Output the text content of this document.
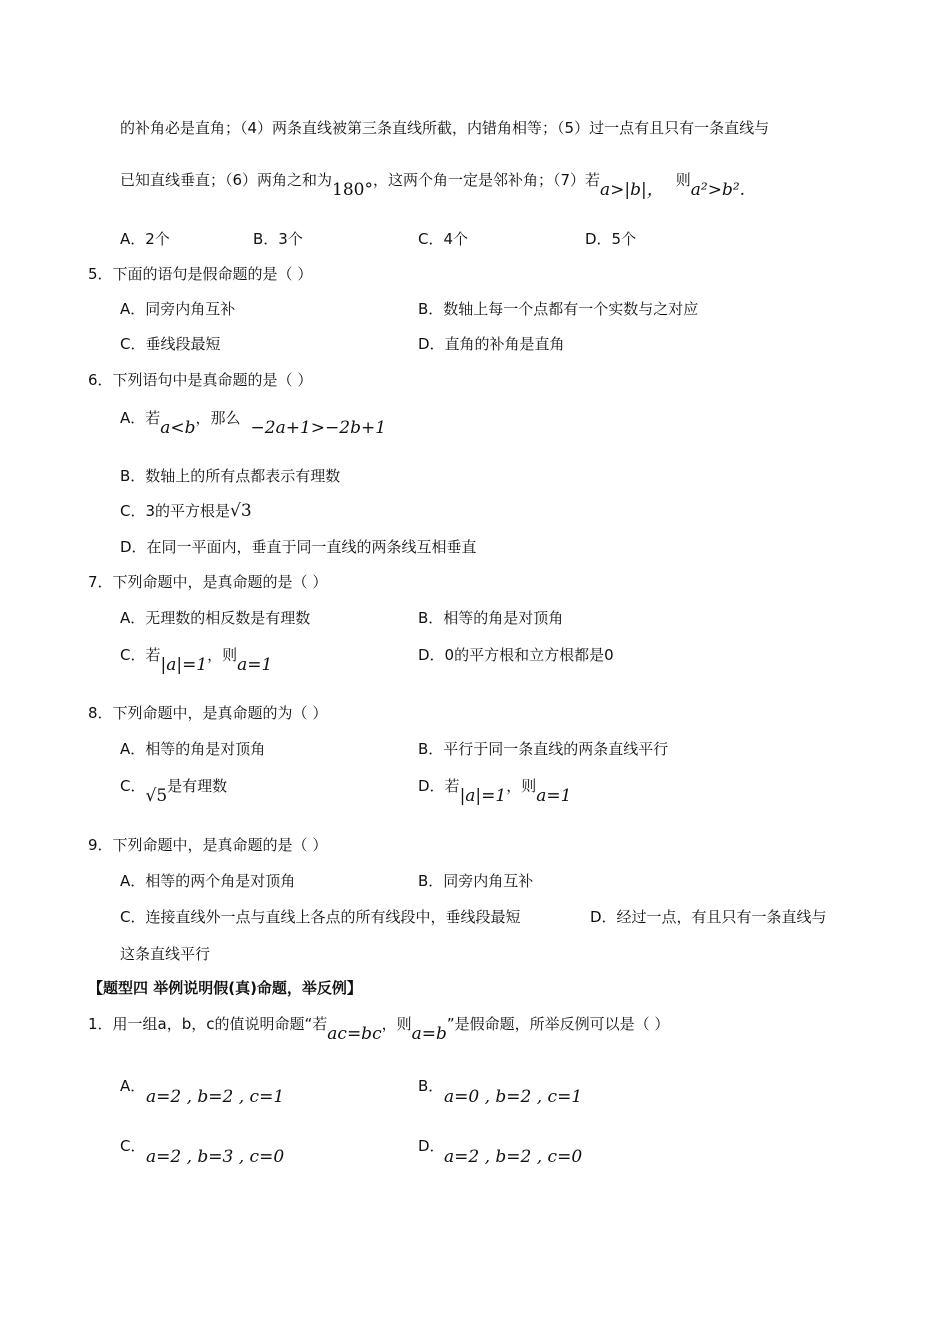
的补角必是直角；（4）两条直线被第三条直线所截，内错角相等；（5）过一点有且只有一条直线与
已知直线垂直；（6）两角之和为180°，这两个角一定是邻补角；（7）若a>|b|， 则a²>b².
A．2个	B．3个	C．4个	D．5个
5．下面的语句是假命题的是（ ）
A．同旁内角互补	B．数轴上每一个点都有一个实数与之对应
C．垂线段最短	D．直角的补角是直角
6．下列语句中是真命题的是（ ）
A．若a<b，那么 −2a+1>−2b+1
B．数轴上的所有点都表示有理数
C．3的平方根是√3
D．在同一平面内，垂直于同一直线的两条线互相垂直
7．下列命题中，是真命题的是（ ）
A．无理数的相反数是有理数	B．相等的角是对顶角
C．若|a|=1，则a=1	D．0的平方根和立方根都是0
8．下列命题中，是真命题的为（ ）
A．相等的角是对顶角	B．平行于同一条直线的两条直线平行
C．√5是有理数	D．若|a|=1，则a=1
9．下列命题中，是真命题的是（ ）
A．相等的两个角是对顶角	B．同旁内角互补
C．连接直线外一点与直线上各点的所有线段中，垂线段最短	D．经过一点，有且只有一条直线与
这条直线平行
【题型四 举例说明假(真)命题，举反例】
1．用一组a，b，c的值说明命题“若ac=bc，则a=b”是假命题，所举反例可以是（ ）
A．
a=2 , b=2 , c=1
B．
a=0 , b=2 , c=1
C．
a=2 , b=3 , c=0
D．
a=2 , b=2 , c=0
